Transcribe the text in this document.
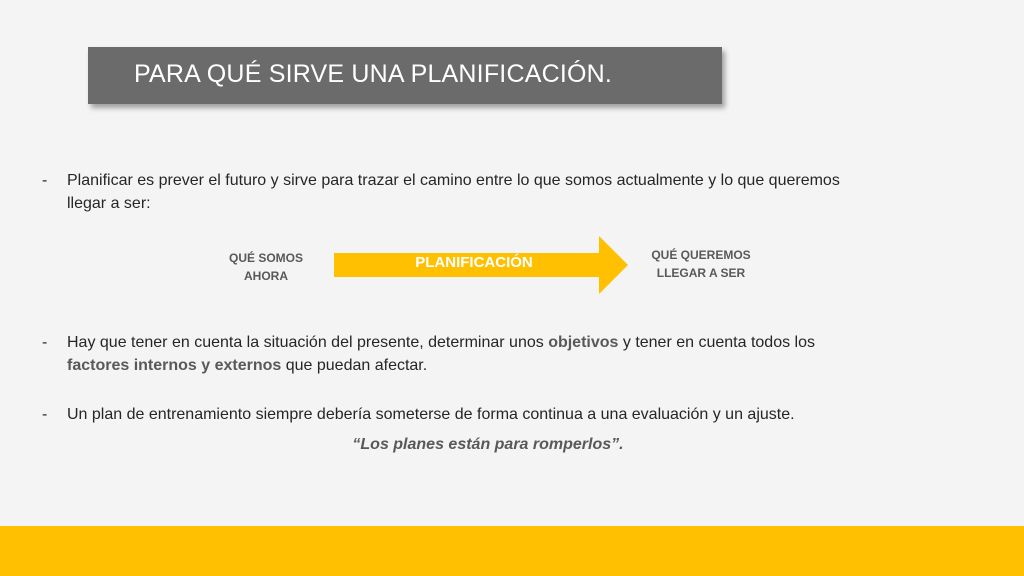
PARA QUÉ SIRVE UNA PLANIFICACIÓN.
- Planificar es prever el futuro y sirve para trazar el camino entre lo que somos actualmente y lo que queremos
llegar a ser:
QUÉ SOMOS
AHORA
PLANIFICACIÓN	QUÉ QUEREMOS
LLEGAR A SER
- Hay que tener en cuenta la situación del presente, determinar unos objetivos y tener en cuenta todos los
factores internos y externos que puedan afectar.
- Un plan de entrenamiento siempre debería someterse de forma continua a una evaluación y un ajuste.
“Los planes están para romperlos”.
